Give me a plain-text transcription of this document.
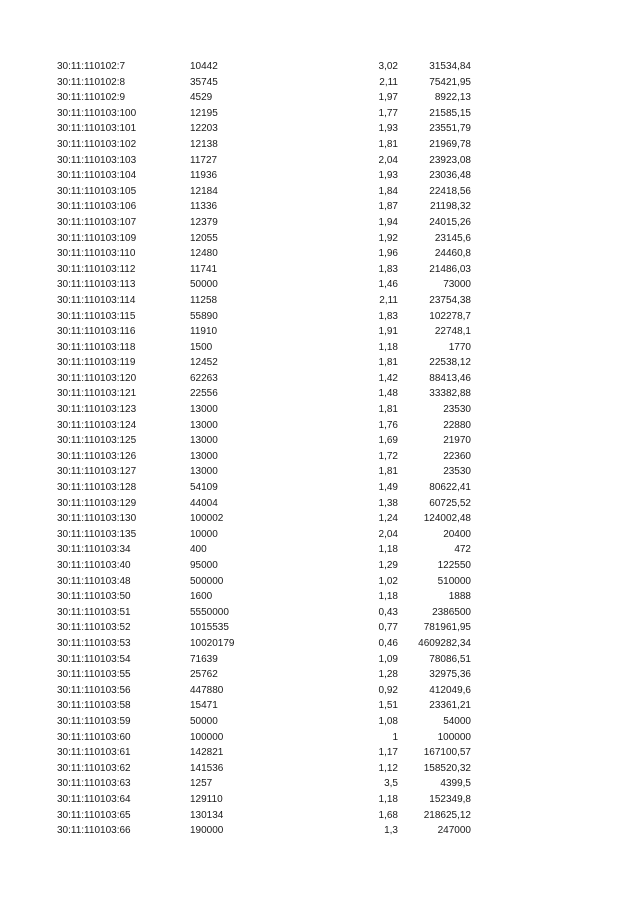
30:11:110102:7	10442	3,02	31534,84
30:11:110102:8	35745	2,11	75421,95
30:11:110102:9	4529	1,97	8922,13
30:11:110103:100	12195	1,77	21585,15
30:11:110103:101	12203	1,93	23551,79
30:11:110103:102	12138	1,81	21969,78
30:11:110103:103	11727	2,04	23923,08
30:11:110103:104	11936	1,93	23036,48
30:11:110103:105	12184	1,84	22418,56
30:11:110103:106	11336	1,87	21198,32
30:11:110103:107	12379	1,94	24015,26
30:11:110103:109	12055	1,92	23145,6
30:11:110103:110	12480	1,96	24460,8
30:11:110103:112	11741	1,83	21486,03
30:11:110103:113	50000	1,46	73000
30:11:110103:114	11258	2,11	23754,38
30:11:110103:115	55890	1,83	102278,7
30:11:110103:116	11910	1,91	22748,1
30:11:110103:118	1500	1,18	1770
30:11:110103:119	12452	1,81	22538,12
30:11:110103:120	62263	1,42	88413,46
30:11:110103:121	22556	1,48	33382,88
30:11:110103:123	13000	1,81	23530
30:11:110103:124	13000	1,76	22880
30:11:110103:125	13000	1,69	21970
30:11:110103:126	13000	1,72	22360
30:11:110103:127	13000	1,81	23530
30:11:110103:128	54109	1,49	80622,41
30:11:110103:129	44004	1,38	60725,52
30:11:110103:130	100002	1,24	124002,48
30:11:110103:135	10000	2,04	20400
30:11:110103:34	400	1,18	472
30:11:110103:40	95000	1,29	122550
30:11:110103:48	500000	1,02	510000
30:11:110103:50	1600	1,18	1888
30:11:110103:51	5550000	0,43	2386500
30:11:110103:52	1015535	0,77	781961,95
30:11:110103:53	10020179	0,46	4609282,34
30:11:110103:54	71639	1,09	78086,51
30:11:110103:55	25762	1,28	32975,36
30:11:110103:56	447880	0,92	412049,6
30:11:110103:58	15471	1,51	23361,21
30:11:110103:59	50000	1,08	54000
30:11:110103:60	100000	1	100000
30:11:110103:61	142821	1,17	167100,57
30:11:110103:62	141536	1,12	158520,32
30:11:110103:63	1257	3,5	4399,5
30:11:110103:64	129110	1,18	152349,8
30:11:110103:65	130134	1,68	218625,12
30:11:110103:66	190000	1,3	247000
